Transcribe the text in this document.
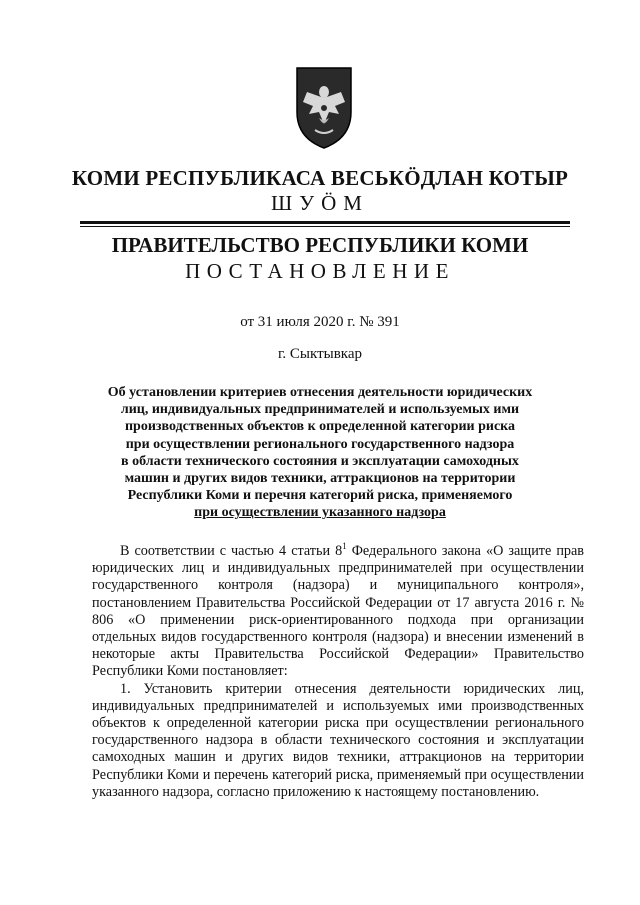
КОМИ РЕСПУБЛИКАСА ВЕСЬКӦДЛАН КОТЫР
ШУӦМ
ПРАВИТЕЛЬСТВО РЕСПУБЛИКИ КОМИ
ПОСТАНОВЛЕНИЕ
от 31 июля 2020 г. № 391
г. Сыктывкар
Об установлении критериев отнесения деятельности юридических
лиц, индивидуальных предпринимателей и используемых ими
производственных объектов к определенной категории риска
при осуществлении регионального государственного надзора
в области технического состояния и эксплуатации самоходных
машин и других видов техники, аттракционов на территории
Республики Коми и перечня категорий риска, применяемого
при осуществлении указанного надзора

В соответствии с частью 4 статьи $8^1$ Федерального закона «О защите прав юридических лиц и индивидуальных предпринимателей при осуществлении государственного контроля (надзора) и муниципального контроля», постановлением Правительства Российской Федерации от 17 августа 2016 г. № 806 «О применении риск-ориентированного подхода при организации отдельных видов государственного контроля (надзора) и внесении изменений в некоторые акты Правительства Российской Федерации» Правительство Республики Коми постановляет:

1. Установить критерии отнесения деятельности юридических лиц, индивидуальных предпринимателей и используемых ими производственных объектов к определенной категории риска при осуществлении регионального государственного надзора в области технического состояния и эксплуатации самоходных машин и других видов техники, аттракционов на территории Республики Коми и перечень категорий риска, применяемый при осуществлении указанного надзора, согласно приложению к настоящему постановлению.
